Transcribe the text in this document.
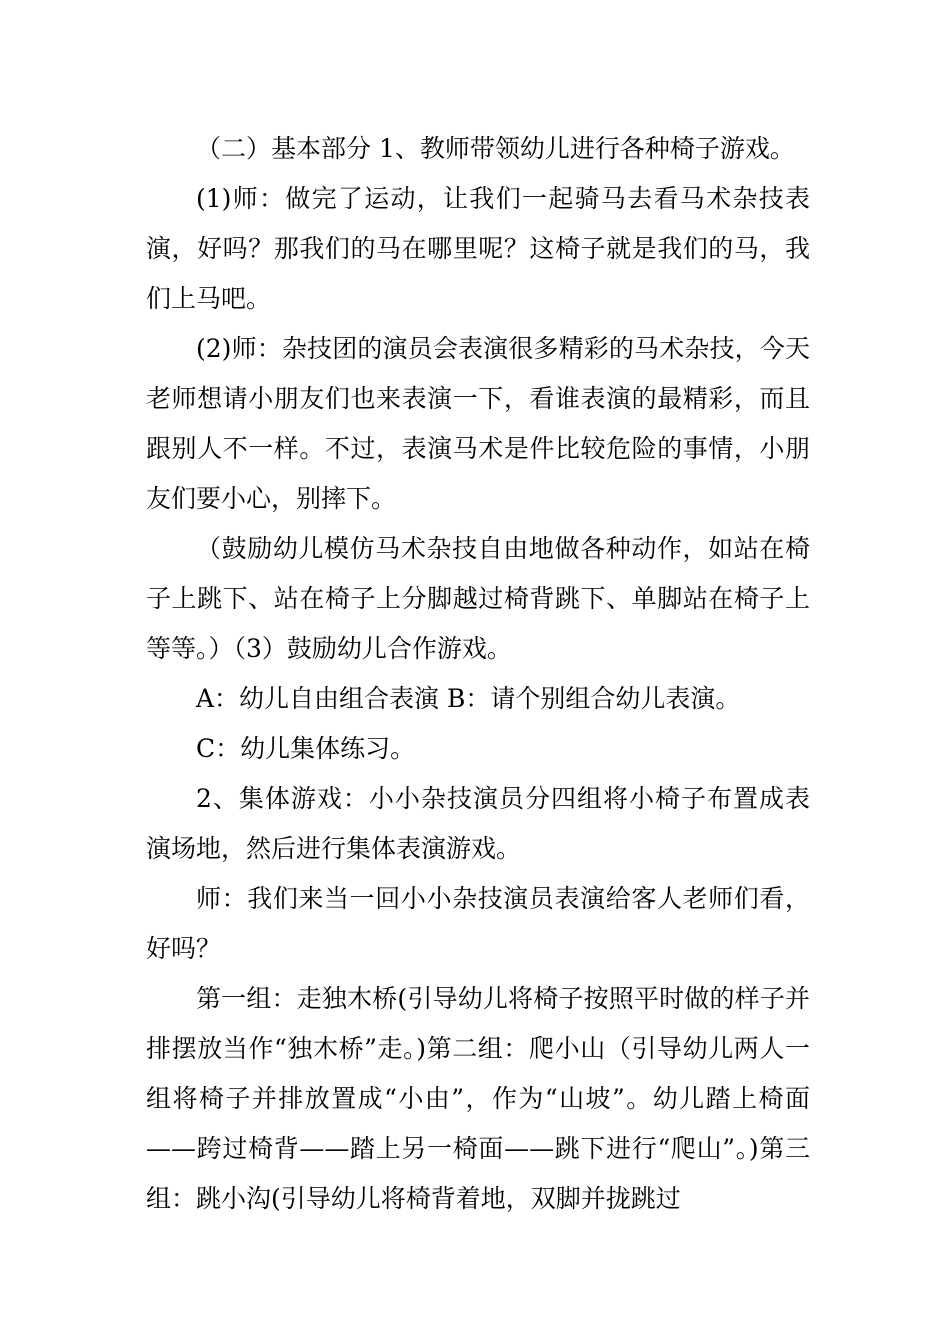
（二）基本部分 1、教师带领幼儿进行各种椅子游戏。

(1)师：做完了运动，让我们一起骑马去看马术杂技表演，好吗？那我们的马在哪里呢？这椅子就是我们的马，我们上马吧。

(2)师：杂技团的演员会表演很多精彩的马术杂技，今天老师想请小朋友们也来表演一下，看谁表演的最精彩，而且跟别人不一样。不过，表演马术是件比较危险的事情，小朋友们要小心，别摔下。

（鼓励幼儿模仿马术杂技自由地做各种动作，如站在椅子上跳下、站在椅子上分脚越过椅背跳下、单脚站在椅子上等等。）（3）鼓励幼儿合作游戏。

A：幼儿自由组合表演 B：请个别组合幼儿表演。

C：幼儿集体练习。

2、集体游戏：小小杂技演员分四组将小椅子布置成表演场地，然后进行集体表演游戏。

师：我们来当一回小小杂技演员表演给客人老师们看，好吗？

第一组：走独木桥(引导幼儿将椅子按照平时做的样子并排摆放当作“独木桥”走。)第二组：爬小山（引导幼儿两人一组将椅子并排放置成“小由”，作为“山坡”。幼儿踏上椅面——跨过椅背——踏上另一椅面——跳下进行“爬山”。)第三组：跳小沟(引导幼儿将椅背着地，双脚并拢跳过
